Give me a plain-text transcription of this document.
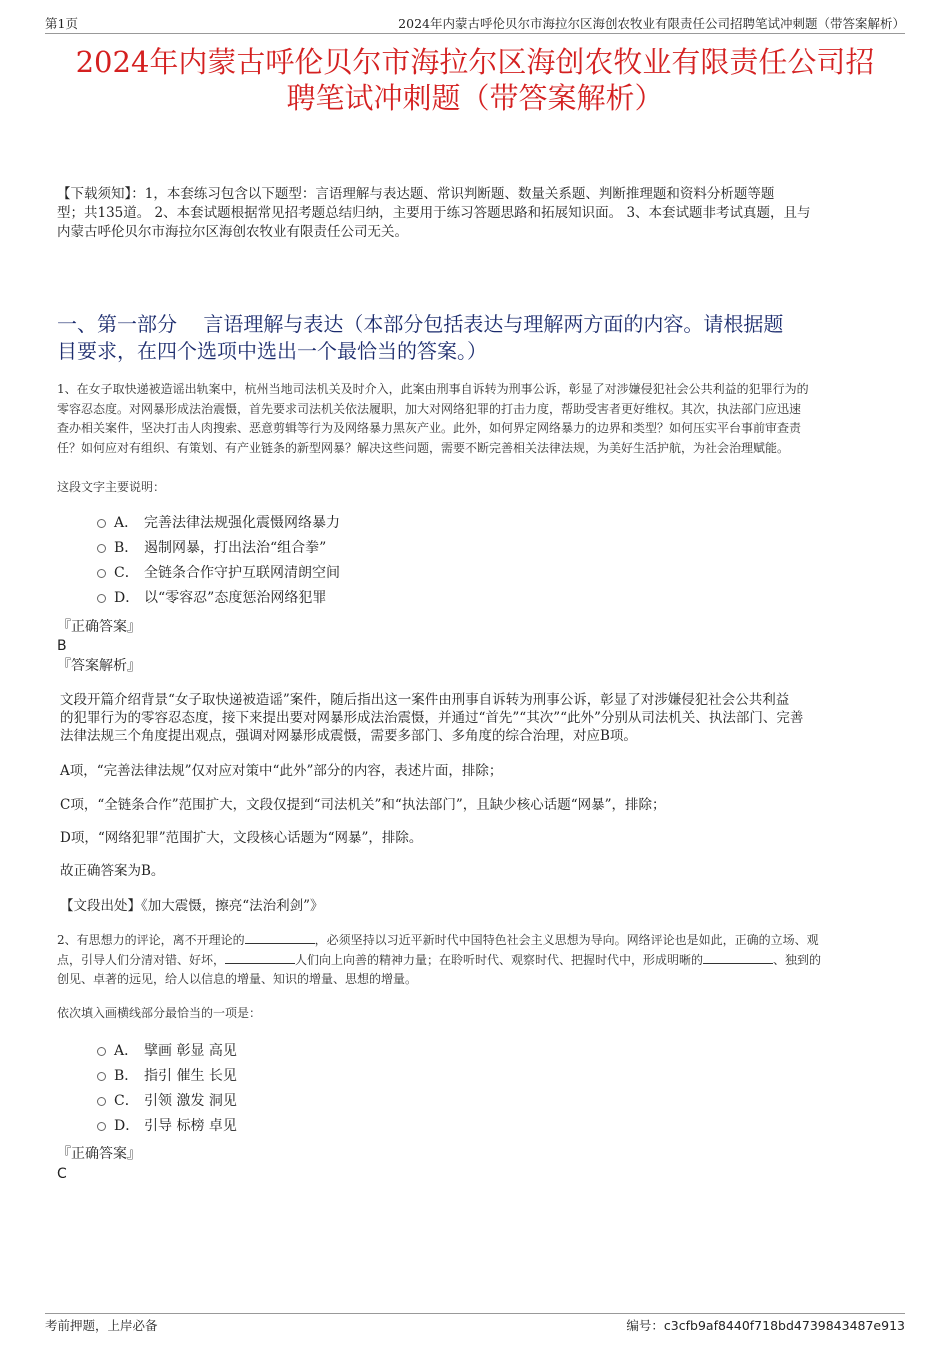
第1页	2024年内蒙古呼伦贝尔市海拉尔区海创农牧业有限责任公司招聘笔试冲刺题（带答案解析）
2024年内蒙古呼伦贝尔市海拉尔区海创农牧业有限责任公司招
聘笔试冲刺题（带答案解析）
【下载须知】：1，本套练习包含以下题型：言语理解与表达题、常识判断题、数量关系题、判断推理题和资料分析题等题
型；共135道。 2、本套试题根据常见招考题总结归纳，主要用于练习答题思路和拓展知识面。 3、本套试题非考试真题，且与
内蒙古呼伦贝尔市海拉尔区海创农牧业有限责任公司无关。
一、第一部分　 言语理解与表达（本部分包括表达与理解两方面的内容。请根据题
目要求，在四个选项中选出一个最恰当的答案。）
1、在女子取快递被造谣出轨案中，杭州当地司法机关及时介入，此案由刑事自诉转为刑事公诉，彰显了对涉嫌侵犯社会公共利益的犯罪行为的
零容忍态度。对网暴形成法治震慑，首先要求司法机关依法履职，加大对网络犯罪的打击力度，帮助受害者更好维权。其次，执法部门应迅速
查办相关案件，坚决打击人肉搜索、恶意剪辑等行为及网络暴力黑灰产业。此外，如何界定网络暴力的边界和类型？如何压实平台事前审查责
任？如何应对有组织、有策划、有产业链条的新型网暴？解决这些问题，需要不断完善相关法律法规，为美好生活护航，为社会治理赋能。
这段文字主要说明：
A． 完善法律法规强化震慑网络暴力
B． 遏制网暴，打出法治“组合拳”
C． 全链条合作守护互联网清朗空间
D． 以“零容忍”态度惩治网络犯罪
『正确答案』
B
『答案解析』
文段开篇介绍背景“女子取快递被造谣”案件，随后指出这一案件由刑事自诉转为刑事公诉，彰显了对涉嫌侵犯社会公共利益
的犯罪行为的零容忍态度，接下来提出要对网暴形成法治震慑，并通过“首先”“其次”“此外”分别从司法机关、执法部门、完善
法律法规三个角度提出观点，强调对网暴形成震慑，需要多部门、多角度的综合治理，对应B项。
A项，“完善法律法规”仅对应对策中“此外”部分的内容，表述片面，排除；
C项，“全链条合作”范围扩大，文段仅提到“司法机关”和“执法部门”，且缺少核心话题“网暴”，排除；
D项，“网络犯罪”范围扩大，文段核心话题为“网暴”，排除。
故正确答案为B。
【文段出处】《加大震慑，擦亮“法治利剑”》
2、有思想力的评论，离不开理论的	，必须坚持以习近平新时代中国特色社会主义思想为导向。网络评论也是如此，正确的立场、观
点，引导人们分清对错、好坏，	人们向上向善的精神力量；在聆听时代、观察时代、把握时代中，形成明晰的	、独到的
创见、卓著的远见，给人以信息的增量、知识的增量、思想的增量。
依次填入画横线部分最恰当的一项是：
A． 擘画 彰显 高见
B． 指引 催生 长见
C． 引领 激发 洞见
D． 引导 标榜 卓见
『正确答案』
C
考前押题，上岸必备	编号：c3cfb9af8440f718bd4739843487e913
